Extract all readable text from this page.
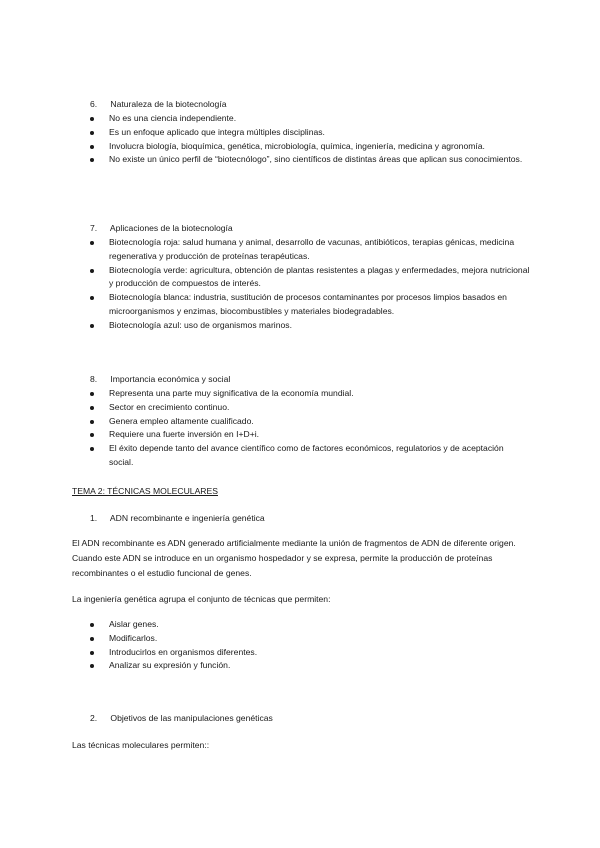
6. Naturaleza de la biotecnología
No es una ciencia independiente.
Es un enfoque aplicado que integra múltiples disciplinas.
Involucra biología, bioquímica, genética, microbiología, química, ingeniería, medicina y agronomía.
No existe un único perfil de “biotecnólogo”, sino científicos de distintas áreas que aplican sus conocimientos.
7. Aplicaciones de la biotecnología
Biotecnología roja: salud humana y animal, desarrollo de vacunas, antibióticos, terapias génicas, medicina regenerativa y producción de proteínas terapéuticas.
Biotecnología verde: agricultura, obtención de plantas resistentes a plagas y enfermedades, mejora nutricional y producción de compuestos de interés.
Biotecnología blanca: industria, sustitución de procesos contaminantes por procesos limpios basados en microorganismos y enzimas, biocombustibles y materiales biodegradables.
Biotecnología azul: uso de organismos marinos.
8. Importancia económica y social
Representa una parte muy significativa de la economía mundial.
Sector en crecimiento continuo.
Genera empleo altamente cualificado.
Requiere una fuerte inversión en I+D+i.
El éxito depende tanto del avance científico como de factores económicos, regulatorios y de aceptación social.
TEMA 2: TÉCNICAS MOLECULARES
1. ADN recombinante e ingeniería genética

El ADN recombinante es ADN generado artificialmente mediante la unión de fragmentos de ADN de diferente origen. Cuando este ADN se introduce en un organismo hospedador y se expresa, permite la producción de proteínas recombinantes o el estudio funcional de genes.

La ingeniería genética agrupa el conjunto de técnicas que permiten:

Aislar genes.
Modificarlos.
Introducirlos en organismos diferentes.
Analizar su expresión y función.
2. Objetivos de las manipulaciones genéticas

Las técnicas moleculares permiten::
